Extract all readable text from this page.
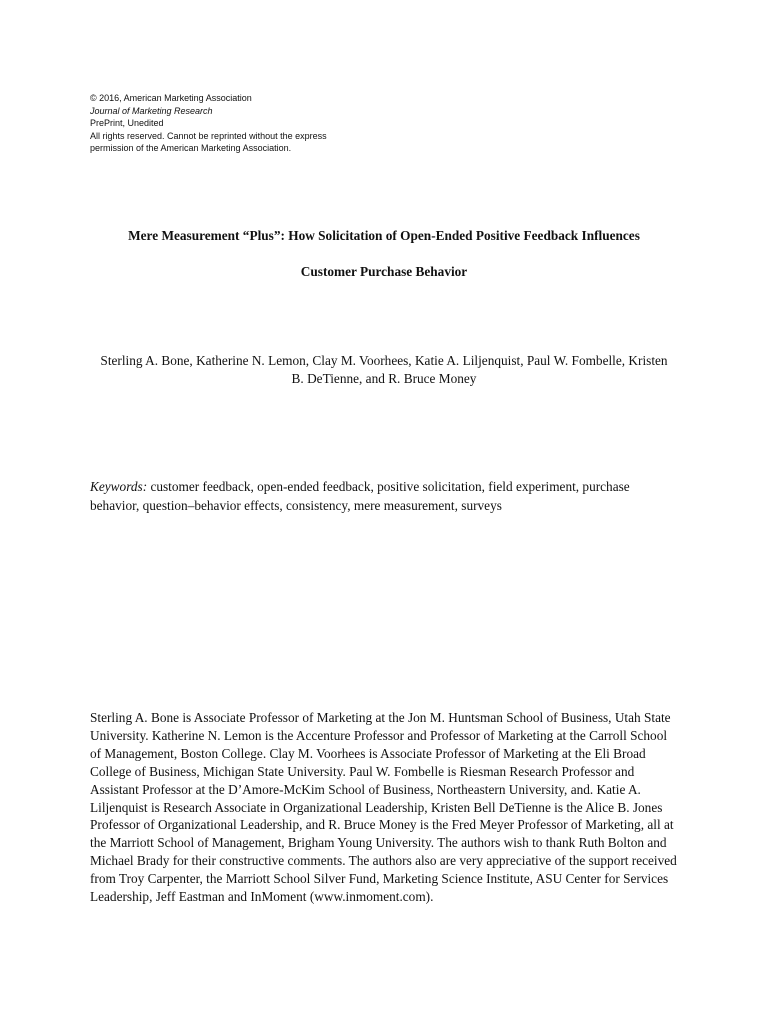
© 2016, American Marketing Association
Journal of Marketing Research
PrePrint, Unedited
All rights reserved. Cannot be reprinted without the express
permission of the American Marketing Association.
Mere Measurement “Plus”: How Solicitation of Open-Ended Positive Feedback Influences
Customer Purchase Behavior
Sterling A. Bone, Katherine N. Lemon, Clay M. Voorhees, Katie A. Liljenquist, Paul W. Fombelle, Kristen B. DeTienne, and R. Bruce Money
Keywords: customer feedback, open-ended feedback, positive solicitation, field experiment, purchase behavior, question–behavior effects, consistency, mere measurement, surveys
Sterling A. Bone is Associate Professor of Marketing at the Jon M. Huntsman School of Business, Utah State University. Katherine N. Lemon is the Accenture Professor and Professor of Marketing at the Carroll School of Management, Boston College. Clay M. Voorhees is Associate Professor of Marketing at the Eli Broad College of Business, Michigan State University. Paul W. Fombelle is Riesman Research Professor and Assistant Professor at the D’Amore-McKim School of Business, Northeastern University, and. Katie A. Liljenquist is Research Associate in Organizational Leadership, Kristen Bell DeTienne is the Alice B. Jones Professor of Organizational Leadership, and R. Bruce Money is the Fred Meyer Professor of Marketing, all at the Marriott School of Management, Brigham Young University. The authors wish to thank Ruth Bolton and Michael Brady for their constructive comments. The authors also are very appreciative of the support received from Troy Carpenter, the Marriott School Silver Fund, Marketing Science Institute, ASU Center for Services Leadership, Jeff Eastman and InMoment (www.inmoment.com).
